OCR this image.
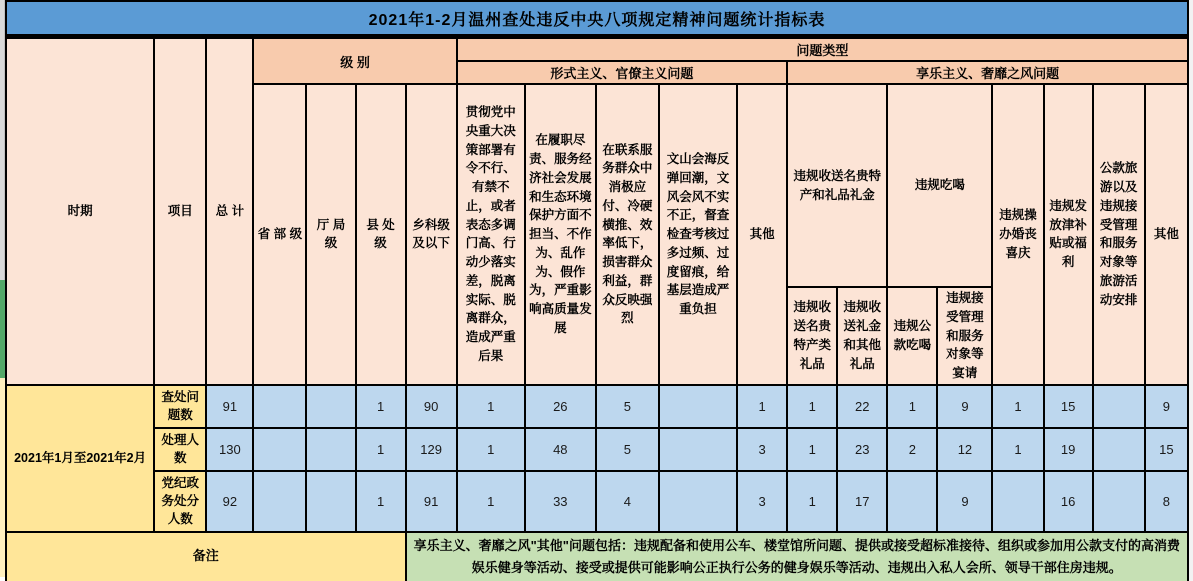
2021年1-2月温州查处违反中央八项规定精神问题统计指标表
时期	项目	总 计	级 别				问题类型												
							形式主义、官僚主义问题					享乐主义、奢靡之风问题							
			省 部 级	厅 局 级	县 处 级	乡科级及以下	贯彻党中央重大决策部署有令不行、有禁不止，或者表态多调门高、行动少落实差，脱离实际、脱离群众，造成严重后果	在履职尽责、服务经济社会发展和生态环境保护方面不担当、不作为、乱作为、假作为，严重影响高质量发展	在联系服务群众中消极应付、冷硬横推、效率低下，损害群众利益，群众反映强烈	文山会海反弹回潮，文风会风不实不正，督查检查考核过多过频、过度留痕，给基层造成严重负担	其他	违规收送名贵特产和礼品礼金		违规吃喝		违规操办婚丧喜庆	违规发放津补贴或福利	公款旅游以及违规接受管理和服务对象等旅游活动安排	其他
												违规收送名贵特产类礼品	违规收送礼金和其他礼品	违规公款吃喝	违规接受管理和服务对象等宴请				
2021年1月至2021年2月	查处问题数	91			1	90	1	26	5		1	1	22	1	9	1	15		9
	处理人数	130			1	129	1	48	5		3	1	23	2	12	1	19		15
	党纪政务处分人数	92			1	91	1	33	4		3	1	17		9		16		8
备注						享乐主义、奢靡之风"其他"问题包括：违规配备和使用公车、楼堂馆所问题、提供或接受超标准接待、组织或参加用公款支付的高消费娱乐健身等活动、接受或提供可能影响公正执行公务的健身娱乐等活动、违规出入私人会所、领导干部住房违规。													
